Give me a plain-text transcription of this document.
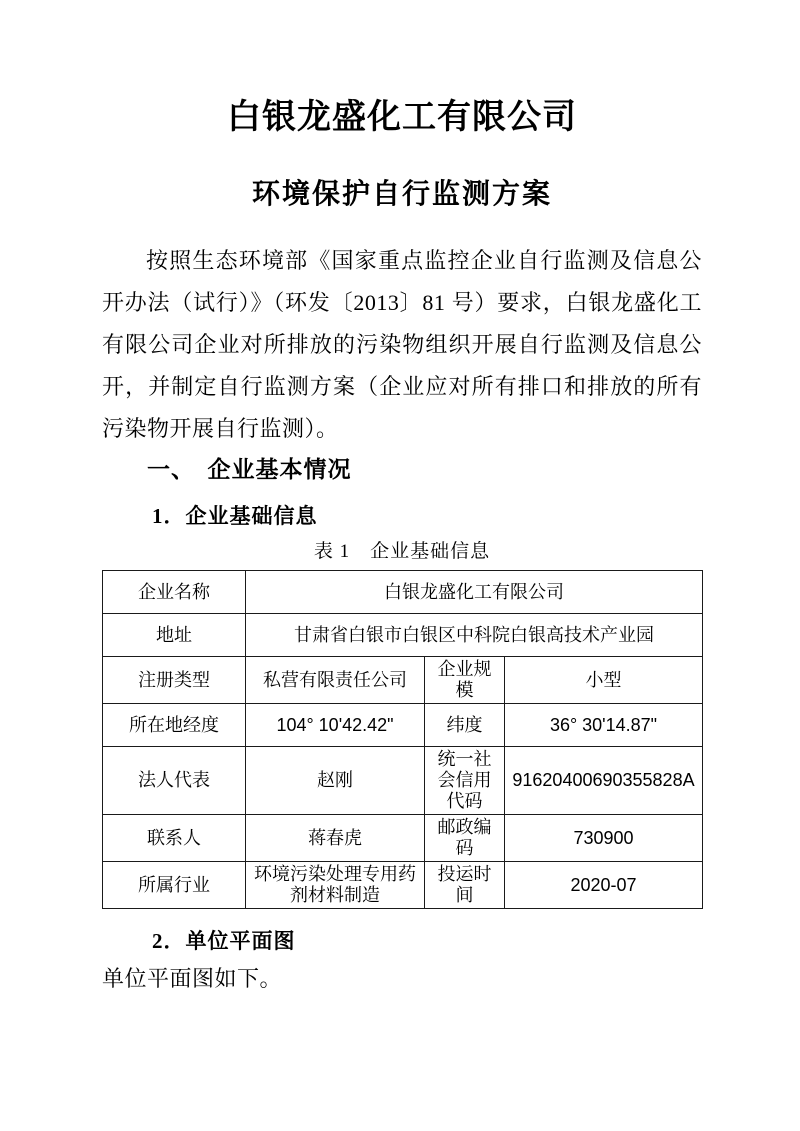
白银龙盛化工有限公司
环境保护自行监测方案

按照生态环境部《国家重点监控企业自行监测及信息公开办法（试行）》（环发〔2013〕81 号）要求，白银龙盛化工有限公司企业对所排放的污染物组织开展自行监测及信息公开，并制定自行监测方案（企业应对所有排口和排放的所有污染物开展自行监测）。

一、　企业基本情况
1．企业基础信息
表 1　企业基础信息
企业名称	白银龙盛化工有限公司		
地址	甘肃省白银市白银区中科院白银高技术产业园		
注册类型	私营有限责任公司	企业规模	小型
所在地经度	104° 10'42.42"	纬度	36° 30'14.87"
法人代表	赵刚	统一社会信用代码	91620400690355828A
联系人	蒋春虎	邮政编码	730900
所属行业	环境污染处理专用药剂材料制造	投运时间	2020-07
2．单位平面图

单位平面图如下。
